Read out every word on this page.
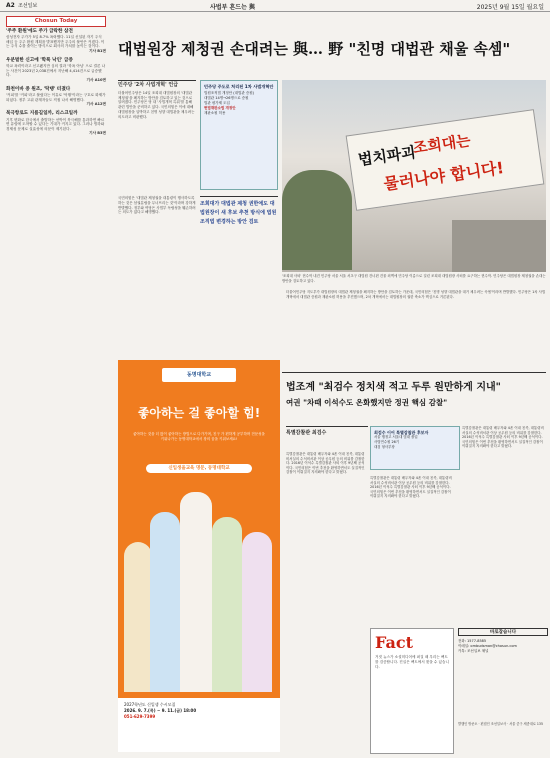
A2 조선일보	사법부 흔드는 與	2025년 9월 15일 월요일
Chosun Today
'주주 환원'에도 주가 급락한 삼전
삼성전자 주가가 5일 8.7% 폭락했다. 11일 신설된 자기 주식 매입 등 주주 환원 계획을 발표했지만 주주의 불안은 커졌다. 이는 주식 수를 줄이는 방식으로 회사의 가치를 높이는 것이다.
기사 B1면
우분벌한 신고에 '학폭 낙인' 급증
학교 폭력이라고 신고됐지만 심의 결과 '학폭 아님' 으로 결론 나는 사건이 2023년 2,038건에서 지난해 4,414건으로 급증했다.
기사 A10면
화천이바 중 원조, '탁탱' 터졌다
'커피'를 '커피'라고 불렀다는 이유로 '탁탱'이라는 구호로 화제가 되었다. 정부 고위 관계자들도 직접 나서 해명했다.
기사 A12면
북극항로도 지름길일까, 리스크일까
기후 변화로 한국에서 출발하는 선박이 북극해를 통과하면 빠르면 유럽에 도착할 수 있다는 기대가 커지고 있다. 그러나 빙하와 경제성 문제로 실효성에 의문이 제기된다.
기사 B3면
대법원장 제청권 손대려는 與… 野 "친명 대법관 채울 속셈"
민주당 '2차 사법개혁' 언급
더불어민주당은 14일 조희대 대법원장의 '대법관 제청권'을 폐지하는 방안을 검토하고 있는 것으로 알려졌다. 민주당은 당 내 '사법개혁 특위'를 통해 관련 법안을 준비하고 있다. 국민의힘은 이에 대해 대법원장을 압박하고 친명 성향 대법관을 채우려는 의도라고 비판했다.
민주당 주도로 처리된 1차 사법개혁안
법원조직법 개정안 (대법관 증원)
대법관 14명→26명으로 증원
법관 평가제 도입
헌법재판소법 개정안
재판소원 허용
국민의힘은 '대법관 제청권을 대통령이 행사하도록 하는 것은 삼권분립을 무너뜨리는 것'이라며 강하게 반발했다. 정부와 여당은 사법부 독립성을 훼손하려는 의도가 없다고 해명했다.
조희대가 대법관 제청 권한에도 대법원장이 새 후보 추천 방식에 법원조직법 변경하는 방안 검토
법치파괴
조희대는
물러나야 합니다!
'조희대 사퇴' 현수막 내건 민주당 서울 서울 서초구 대법원 건너편 건물 외벽에 민주당 이름으로 걸린 조희대 대법원장 사퇴를 요구하는 현수막. 민주당은 대법원장 제청권을 손대는 방안을 검토하고 있다.
더불어민주당 지도부가 대법원장의 대법관 제청권을 폐지하는 방안을 검토하는 가운데, 국민의힘은 '친명 성향 대법관을 대거 채우려는 속셈'이라며 반발했다. 민주당은 1차 사법개혁에서 대법관 증원과 재판소원 허용을 추진했으며, 2차 개혁에서는 대법원장의 권한 축소가 핵심으로 거론된다.
동명대학교
좋아하는 걸 좋아할 힘!
좋아하는 것을 더 많이 좋아하는 방법으로 다가가며, 친구 가 편하게 공부하며 전문성을 키워나가는 동명대학교에서 창의 꿈을 키워보세요!
신입생을교육 명문, 동명대학교
2027학년도 신입생 수시모집
2026. 9. 7.(목) ~ 9. 11.(금) 18:00
051-629-7399
법조계 "최검수 정치색 적고 두루 원만하게 지내"
여권 "차때 이석수도 온화했지만 정권 핵심 감찰"
특별감찰관 최검수	최검수 이어 특별감찰관 후보자
서울 행정고 서울대 법대 졸업
사법연수원 26기
대검 형사부장
특별감찰관은 대통령 배우자와 4촌 이내 친족, 대통령비서실의 수석비서관 이상 공무원 등의 비위를 감찰한다. 2016년 이석수 특별감찰관 사퇴 이후 9년째 공석이다. 국민의힘은 이번 추천을 환영하면서도 실질적인 감찰이 이뤄질지 지켜봐야 한다고 밝혔다.
특별감찰관은 대통령 배우자와 4촌 이내 친족, 대통령비서실의 수석비서관 이상 공무원 등의 비위를 감찰한다. 2016년 이석수 특별감찰관 사퇴 이후 9년째 공석이다. 국민의힘은 이번 추천을 환영하면서도 실질적인 감찰이 이뤄질지 지켜봐야 한다고 밝혔다.
특별감찰관은 대통령 배우자와 4촌 이내 친족, 대통령비서실의 수석비서관 이상 공무원 등의 비위를 감찰한다. 2016년 이석수 특별감찰관 사퇴 이후 9년째 공석이다. 국민의힘은 이번 추천을 환영하면서도 실질적인 감찰이 이뤄질지 지켜봐야 한다고 밝혔다.
Fact
거짓 뉴스가 소셜미디어에 퍼질 때 우리는 팩트를 검증합니다. 진실은 팩트에서 찾을 수 있습니다.
바로잡습니다
전화: 1577-8585
이메일: ombudsman@chosun.com
카톡: 조선일보 채널
발행인 방준오 · 편집인 조선일보사 · 서울 중구 세종대로 135
